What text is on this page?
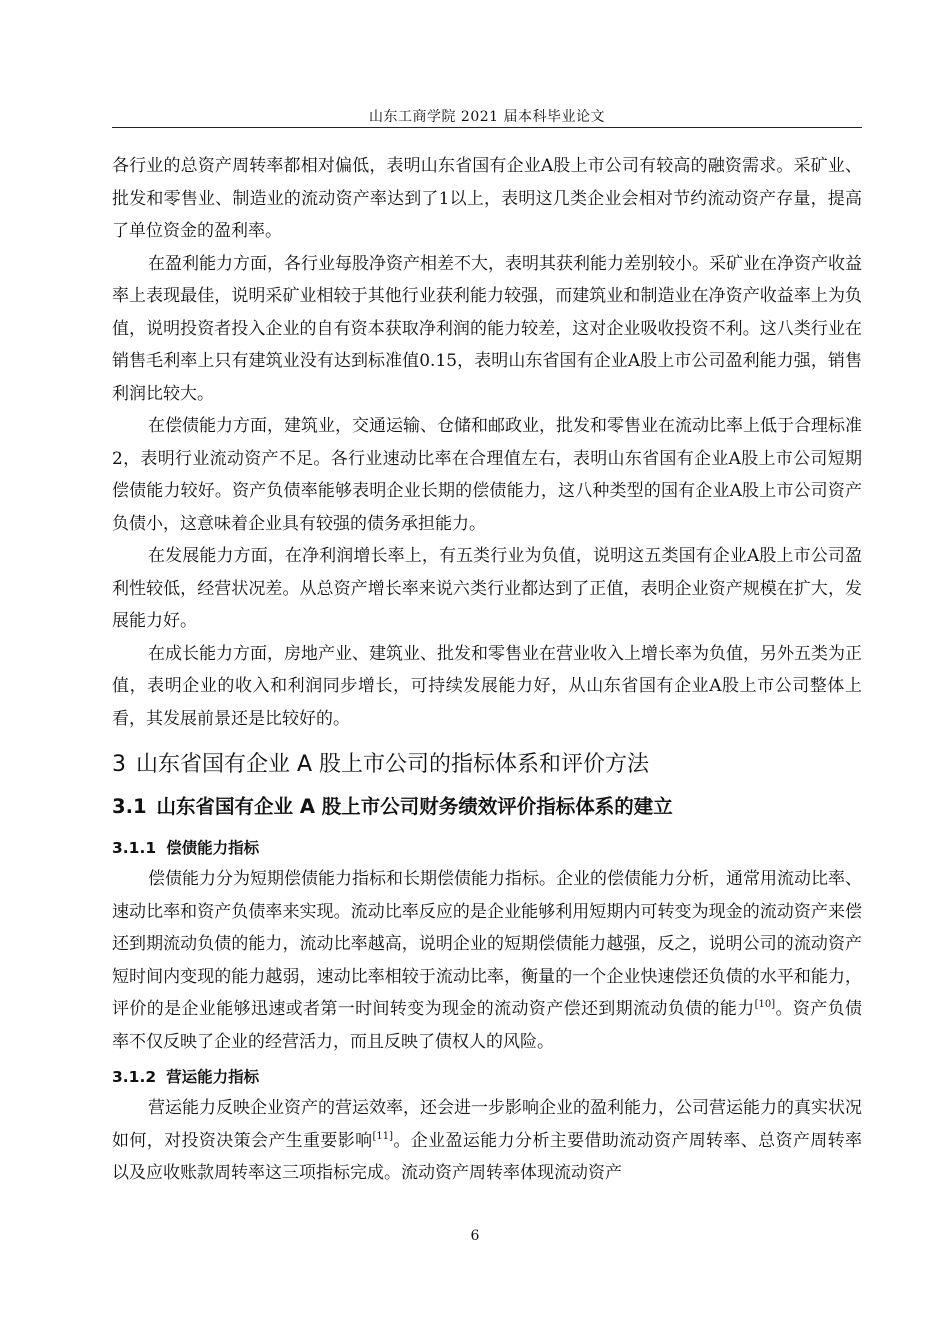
山东工商学院 2021 届本科毕业论文

各行业的总资产周转率都相对偏低，表明山东省国有企业A股上市公司有较高的融资需求。采矿业、批发和零售业、制造业的流动资产率达到了1以上，表明这几类企业会相对节约流动资产存量，提高了单位资金的盈利率。

在盈利能力方面，各行业每股净资产相差不大，表明其获利能力差别较小。采矿业在净资产收益率上表现最佳，说明采矿业相较于其他行业获利能力较强，而建筑业和制造业在净资产收益率上为负值，说明投资者投入企业的自有资本获取净利润的能力较差，这对企业吸收投资不利。这八类行业在销售毛利率上只有建筑业没有达到标准值0.15，表明山东省国有企业A股上市公司盈利能力强，销售利润比较大。

在偿债能力方面，建筑业，交通运输、仓储和邮政业，批发和零售业在流动比率上低于合理标准2，表明行业流动资产不足。各行业速动比率在合理值左右，表明山东省国有企业A股上市公司短期偿债能力较好。资产负债率能够表明企业长期的偿债能力，这八种类型的国有企业A股上市公司资产负债小，这意味着企业具有较强的债务承担能力。

在发展能力方面，在净利润增长率上，有五类行业为负值，说明这五类国有企业A股上市公司盈利性较低，经营状况差。从总资产增长率来说六类行业都达到了正值，表明企业资产规模在扩大，发展能力好。

在成长能力方面，房地产业、建筑业、批发和零售业在营业收入上增长率为负值，另外五类为正值，表明企业的收入和利润同步增长，可持续发展能力好，从山东省国有企业A股上市公司整体上看，其发展前景还是比较好的。

3 山东省国有企业 A 股上市公司的指标体系和评价方法
3.1 山东省国有企业 A 股上市公司财务绩效评价指标体系的建立
3.1.1 偿债能力指标

偿债能力分为短期偿债能力指标和长期偿债能力指标。企业的偿债能力分析，通常用流动比率、速动比率和资产负债率来实现。流动比率反应的是企业能够利用短期内可转变为现金的流动资产来偿还到期流动负债的能力，流动比率越高，说明企业的短期偿债能力越强，反之，说明公司的流动资产短时间内变现的能力越弱，速动比率相较于流动比率，衡量的一个企业快速偿还负债的水平和能力，评价的是企业能够迅速或者第一时间转变为现金的流动资产偿还到期流动负债的能力[10]。资产负债率不仅反映了企业的经营活力，而且反映了债权人的风险。

3.1.2 营运能力指标

营运能力反映企业资产的营运效率，还会进一步影响企业的盈利能力，公司营运能力的真实状况如何，对投资决策会产生重要影响[11]。企业盈运能力分析主要借助流动资产周转率、总资产周转率以及应收账款周转率这三项指标完成。流动资产周转率体现流动资产

6
